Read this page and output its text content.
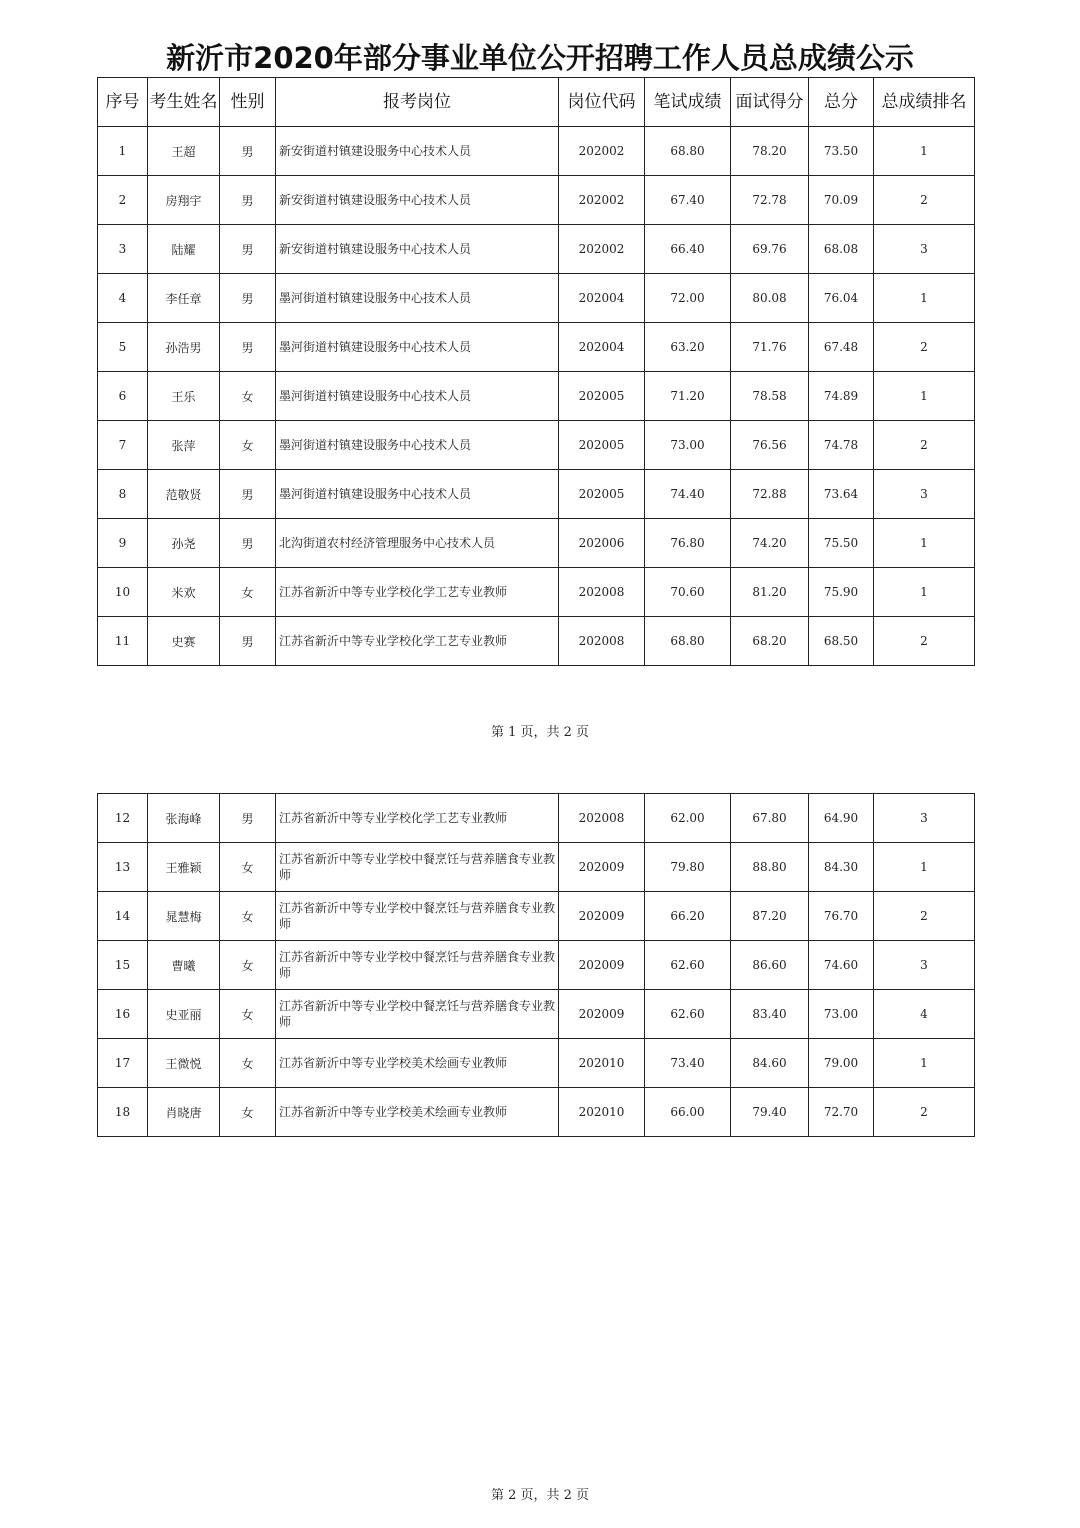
新沂市2020年部分事业单位公开招聘工作人员总成绩公示
序号	考生姓名	性别	报考岗位	岗位代码	笔试成绩	面试得分	总分	总成绩排名
1	王超	男	新安街道村镇建设服务中心技术人员	202002	68.80	78.20	73.50	1
2	房翔宇	男	新安街道村镇建设服务中心技术人员	202002	67.40	72.78	70.09	2
3	陆耀	男	新安街道村镇建设服务中心技术人员	202002	66.40	69.76	68.08	3
4	李任章	男	墨河街道村镇建设服务中心技术人员	202004	72.00	80.08	76.04	1
5	孙浩男	男	墨河街道村镇建设服务中心技术人员	202004	63.20	71.76	67.48	2
6	王乐	女	墨河街道村镇建设服务中心技术人员	202005	71.20	78.58	74.89	1
7	张萍	女	墨河街道村镇建设服务中心技术人员	202005	73.00	76.56	74.78	2
8	范敬贤	男	墨河街道村镇建设服务中心技术人员	202005	74.40	72.88	73.64	3
9	孙尧	男	北沟街道农村经济管理服务中心技术人员	202006	76.80	74.20	75.50	1
10	米欢	女	江苏省新沂中等专业学校化学工艺专业教师	202008	70.60	81.20	75.90	1
11	史赛	男	江苏省新沂中等专业学校化学工艺专业教师	202008	68.80	68.20	68.50	2
第 1 页，共 2 页
12	张海峰	男	江苏省新沂中等专业学校化学工艺专业教师	202008	62.00	67.80	64.90	3
13	王雅颖	女	江苏省新沂中等专业学校中餐烹饪与营养膳食专业教师	202009	79.80	88.80	84.30	1
14	晁慧梅	女	江苏省新沂中等专业学校中餐烹饪与营养膳食专业教师	202009	66.20	87.20	76.70	2
15	曹曦	女	江苏省新沂中等专业学校中餐烹饪与营养膳食专业教师	202009	62.60	86.60	74.60	3
16	史亚丽	女	江苏省新沂中等专业学校中餐烹饪与营养膳食专业教师	202009	62.60	83.40	73.00	4
17	王微悦	女	江苏省新沂中等专业学校美术绘画专业教师	202010	73.40	84.60	79.00	1
18	肖晓唐	女	江苏省新沂中等专业学校美术绘画专业教师	202010	66.00	79.40	72.70	2
第 2 页，共 2 页
